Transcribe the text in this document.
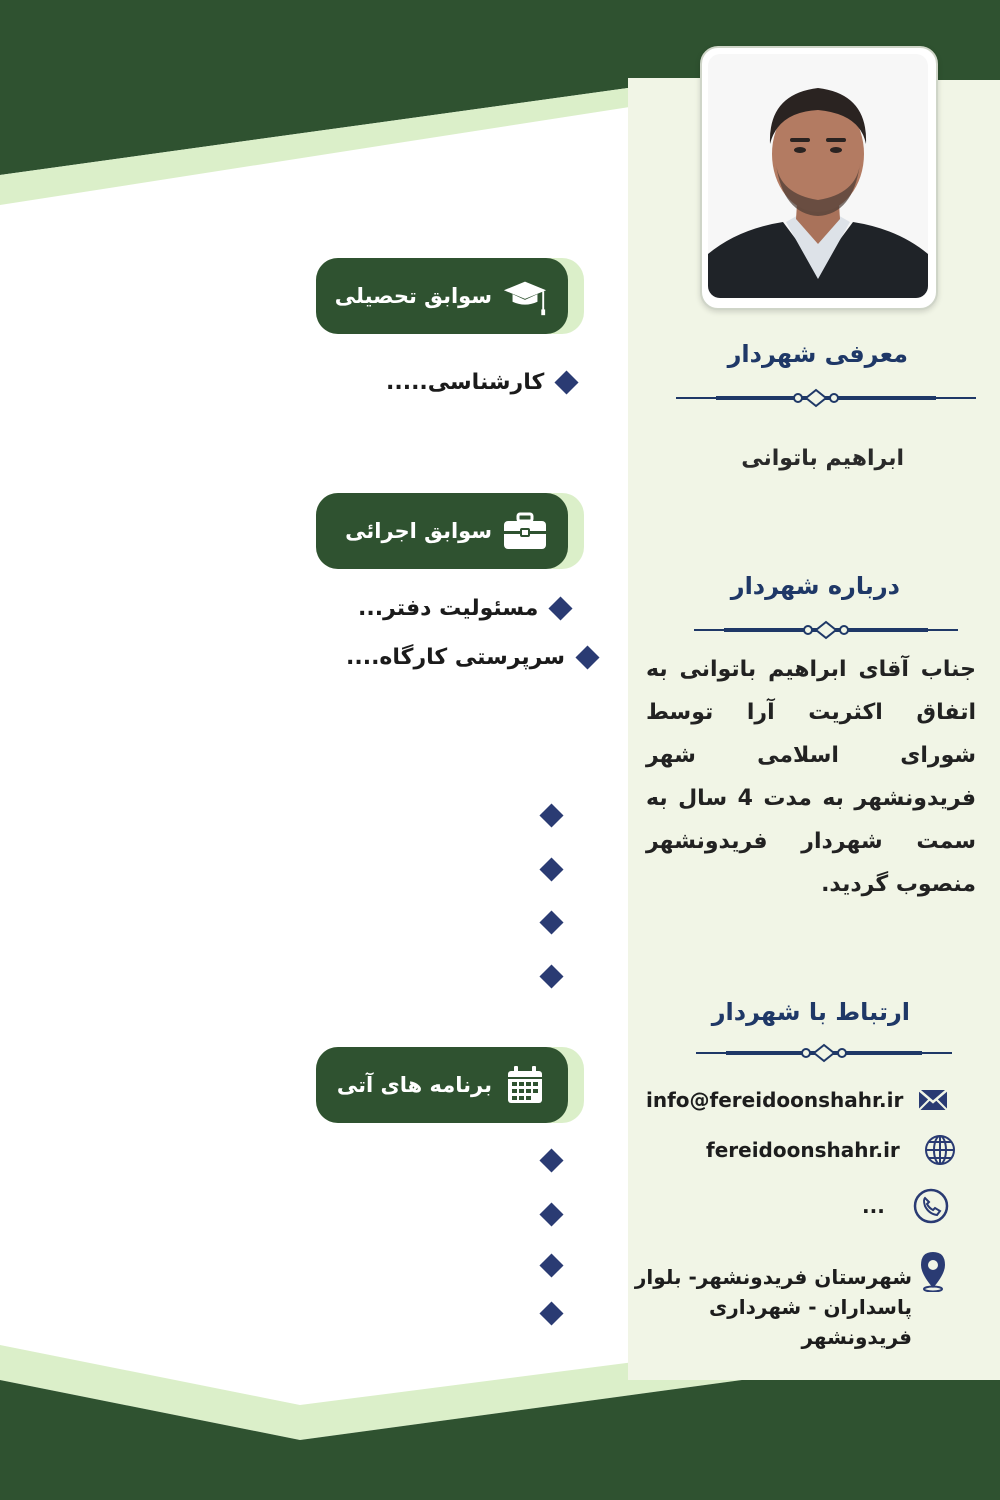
معرفی شهردار
ابراهیم باتوانی
درباره شهردار
جناب آقای ابراهیم باتوانی به اتفاق اکثریت آرا توسط شورای اسلامی شهر فریدونشهر به مدت 4 سال به سمت شهردار فریدونشهر منصوب گردید.
ارتباط با شهردار
info@fereidoonshahr.ir
fereidoonshahr.ir
...
شهرستان فریدونشهر- بلوار پاسداران - شهرداری فریدونشهر
سوابق تحصیلی
کارشناسی.....
سوابق اجرائی
مسئولیت دفتر...
سرپرستی کارگاه....
برنامه های آتی
